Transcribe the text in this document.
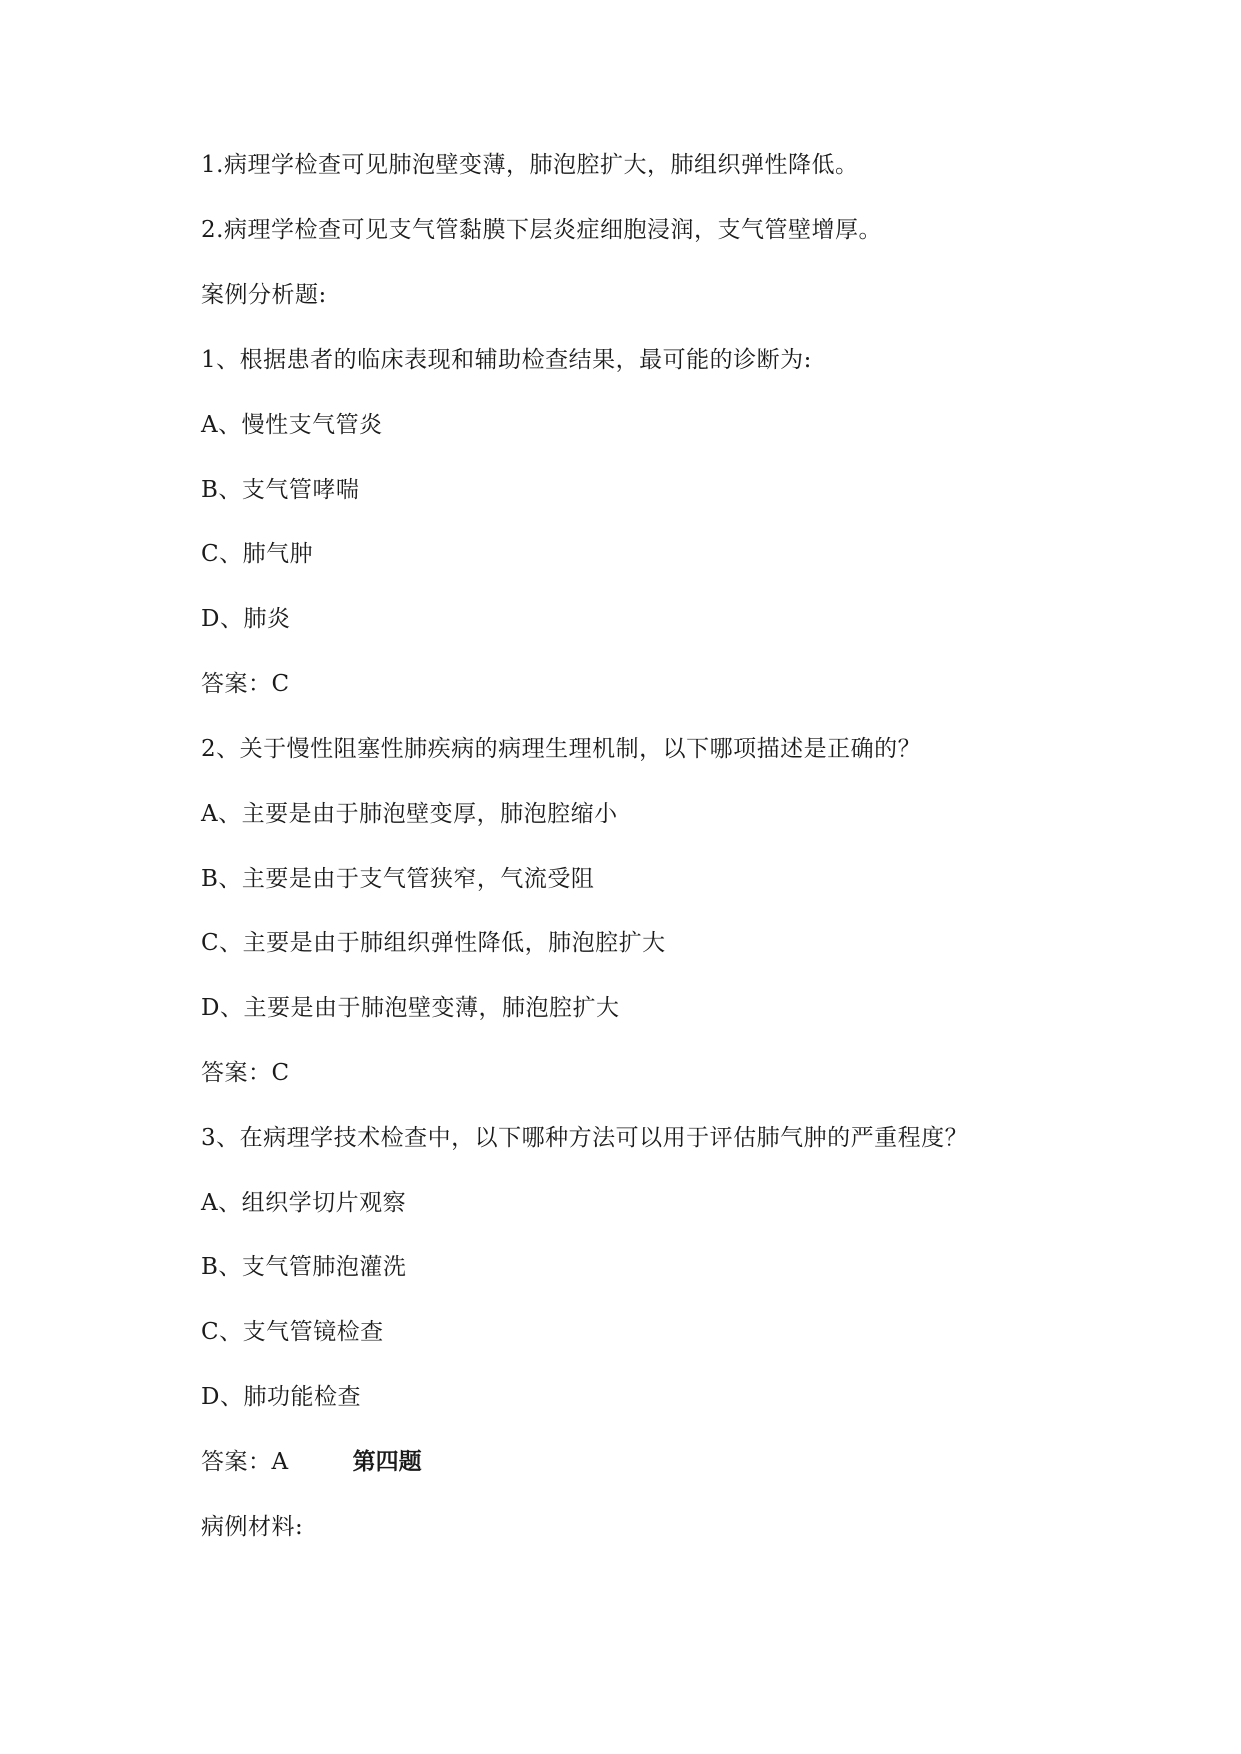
1.病理学检查可见肺泡壁变薄，肺泡腔扩大，肺组织弹性降低。
2.病理学检查可见支气管黏膜下层炎症细胞浸润，支气管壁增厚。
案例分析题:
1、根据患者的临床表现和辅助检查结果，最可能的诊断为:
A、慢性支气管炎
B、支气管哮喘
C、肺气肿
D、肺炎
答案：C
2、关于慢性阻塞性肺疾病的病理生理机制，以下哪项描述是正确的？
A、主要是由于肺泡壁变厚，肺泡腔缩小
B、主要是由于支气管狭窄，气流受阻
C、主要是由于肺组织弹性降低，肺泡腔扩大
D、主要是由于肺泡壁变薄，肺泡腔扩大
答案：C
3、在病理学技术检查中，以下哪种方法可以用于评估肺气肿的严重程度？
A、组织学切片观察
B、支气管肺泡灌洗
C、支气管镜检查
D、肺功能检查
答案：A	第四题
病例材料:
